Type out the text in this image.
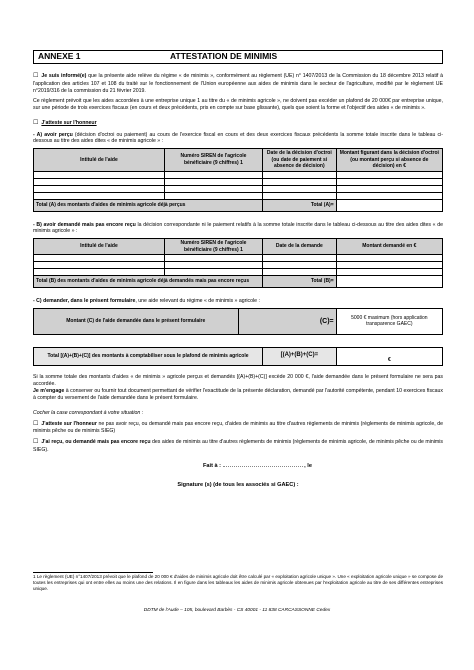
ANNEXE 1	ATTESTATION DE MINIMIS

☐ Je suis informé(e) que la présente aide relève du régime « de minimis », conformément au règlement (UE) n° 1407/2013 de la Commission du 18 décembre 2013 relatif à l'application des articles 107 et 108 du traité sur le fonctionnement de l'Union européenne aux aides de minimis dans le secteur de l'agriculture, modifié par le règlement UE n°2019/316 de la commission du 21 février 2019.

Ce règlement prévoit que les aides accordées à une entreprise unique 1 au titre du « de minimis agricole », ne doivent pas excéder un plafond de 20 000€ par entreprise unique, sur une période de trois exercices fiscaux (en cours et deux précédents, pris en compte sur base glissante), quels que soient la forme et l'objectif des aides « de minimis ».

☐ J'atteste sur l'honneur

- A) avoir perçu (décision d'octroi ou paiement) au cours de l'exercice fiscal en cours et des deux exercices fiscaux précédents la somme totale inscrite dans le tableau ci-dessous au titre des aides dites « de minimis agricole » :

Intitulé de l'aide	Numéro SIREN de l'agricole bénéficiaire (9 chiffres) 1	Date de la décision d'octroi (ou date de paiement si absence de décision)	Montant figurant dans la décision d'octroi (ou montant perçu si absence de décision) en €

Total (A) des montants d'aides de minimis agricole déjà perçus		Total (A)=	

- B) avoir demandé mais pas encore reçu la décision correspondante ni le paiement relatifs à la somme totale inscrite dans le tableau ci-dessous au titre des aides dites « de minimis agricole » :

Intitulé de l'aide	Numéro SIREN de l'agricole bénéficiaire (9 chiffres) 1	Date de la demande	Montant demandé en €

Total (B) des montants d'aides de minimis agricole déjà demandés mais pas encore reçus		Total (B)=	

- C) demander, dans le présent formulaire, une aide relevant du régime « de minimis » agricole :

Montant (C) de l'aide demandée dans le présent formulaire	(C)=	5000 € maximum (hors application transparence GAEC)
Total [(A)+(B)+(C)] des montants à comptabiliser sous le plafond de minimis agricole	[(A)+(B)+(C)=	€

Si la somme totale des montants d'aides « de minimis » agricole perçus et demandés [(A)+(B)+(C)] excède 20 000 €, l'aide demandée dans le présent formulaire ne sera pas accordée.

Je m'engage à conserver ou fournir tout document permettant de vérifier l'exactitude de la présente déclaration, demandé par l'autorité compétente, pendant 10 exercices fiscaux à compter du versement de l'aide demandée dans le présent formulaire.

Cocher la case correspondant à votre situation :

☐ J'atteste sur l'honneur ne pas avoir reçu, ou demandé mais pas encore reçu, d'aides de minimis au titre d'autres règlements de minimis (règlements de minimis agricole, de minimis pêche ou de minimis SIEG)

☐ J'ai reçu, ou demandé mais pas encore reçu des aides de minimis au titre d'autres règlements de minimis (règlements de minimis agricole, de minimis pêche ou de minimis SIEG).

Fait à :	, le
Signature (s) (de tous les associés si GAEC) :
1 Le règlement (UE) n°1407/2013 prévoit que le plafond de 20 000 € d'aides de minimis agricole doit être calculé par « exploitation agricole unique ». Une « exploitation agricole unique » se compose de toutes les entreprises qui ont entre elles au moins une des relations. Il en figure dans les tableaux les aides de minimis agricole obtenues par l'exploitation agricole au titre de ses différentes entreprises unique.
DDTM de l'Aude – 105, boulevard Barbès - CS 40001 - 11 838 CARCASSONNE Cedex
